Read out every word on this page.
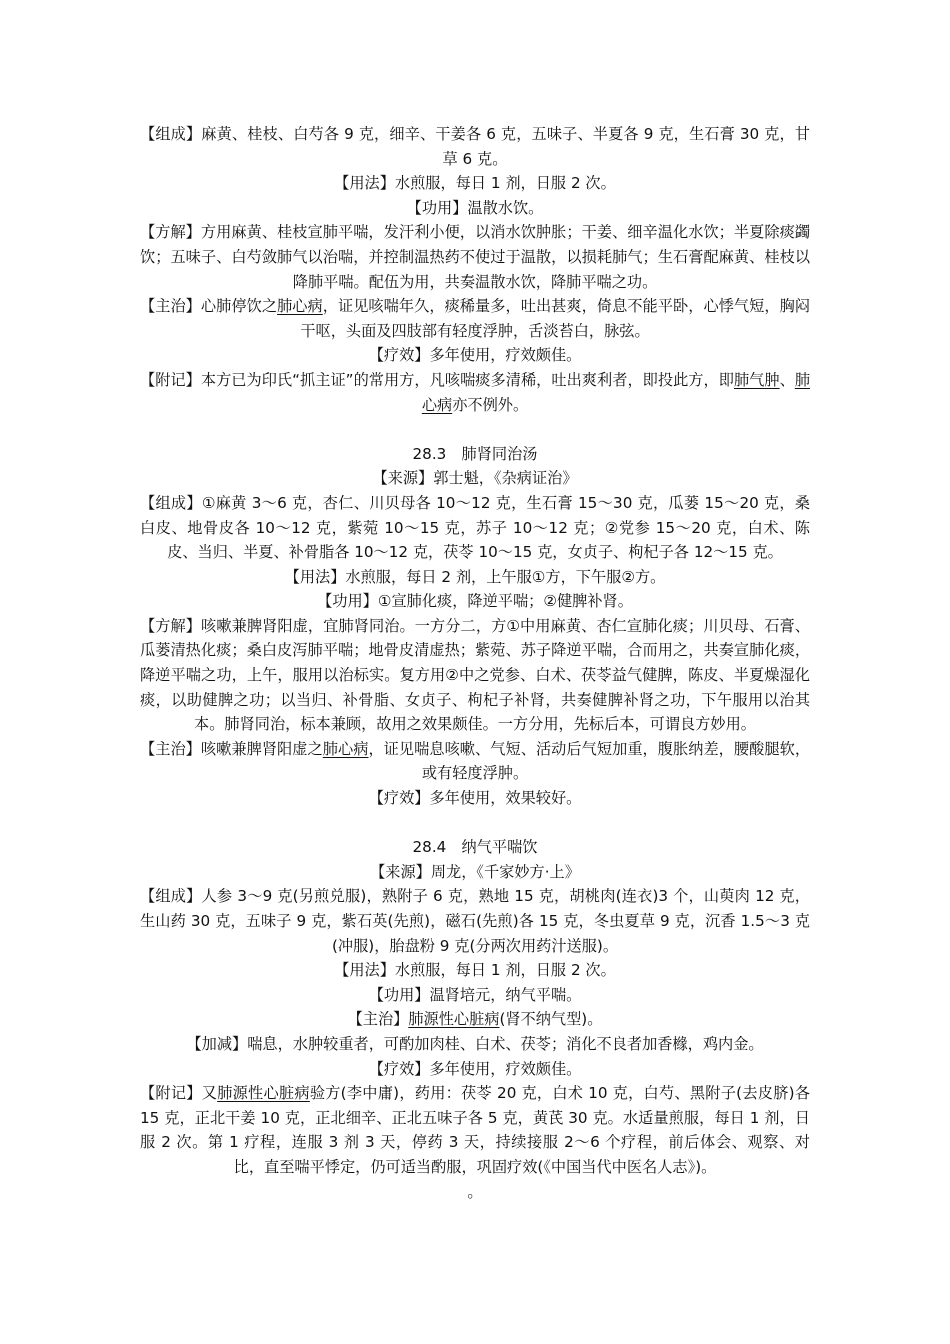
【组成】麻黄、桂枝、白芍各 9 克，细辛、干姜各 6 克，五味子、半夏各 9 克，生石膏 30 克，甘草 6 克。

【用法】水煎服，每日 1 剂，日服 2 次。

【功用】温散水饮。

【方解】方用麻黄、桂枝宣肺平喘，发汗利小便，以消水饮肿胀；干姜、细辛温化水饮；半夏除痰蠲饮；五味子、白芍敛肺气以治喘，并控制温热药不使过于温散，以损耗肺气；生石膏配麻黄、桂枝以降肺平喘。配伍为用，共奏温散水饮，降肺平喘之功。

【主治】心肺停饮之肺心病，证见咳喘年久，痰稀量多，吐出甚爽，倚息不能平卧，心悸气短，胸闷干呕，头面及四肢部有轻度浮肿，舌淡苔白，脉弦。

【疗效】多年使用，疗效颇佳。

【附记】本方已为印氏“抓主证”的常用方，凡咳喘痰多清稀，吐出爽利者，即投此方，即肺气肿、肺心病亦不例外。

28.3　肺肾同治汤

【来源】郭士魁，《杂病证治》

【组成】①麻黄 3～6 克，杏仁、川贝母各 10～12 克，生石膏 15～30 克，瓜蒌 15～20 克，桑白皮、地骨皮各 10～12 克，紫菀 10～15 克，苏子 10～12 克；②党参 15～20 克，白术、陈皮、当归、半夏、补骨脂各 10～12 克，茯苓 10～15 克，女贞子、枸杞子各 12～15 克。

【用法】水煎服，每日 2 剂，上午服①方，下午服②方。

【功用】①宣肺化痰，降逆平喘；②健脾补肾。

【方解】咳嗽兼脾肾阳虚，宜肺肾同治。一方分二，方①中用麻黄、杏仁宣肺化痰；川贝母、石膏、瓜蒌清热化痰；桑白皮泻肺平喘；地骨皮清虚热；紫菀、苏子降逆平喘，合而用之，共奏宣肺化痰，降逆平喘之功，上午，服用以治标实。复方用②中之党参、白术、茯苓益气健脾，陈皮、半夏燥湿化痰，以助健脾之功；以当归、补骨脂、女贞子、枸杞子补肾，共奏健脾补肾之功，下午服用以治其本。肺肾同治，标本兼顾，故用之效果颇佳。一方分用，先标后本，可谓良方妙用。

【主治】咳嗽兼脾肾阳虚之肺心病，证见喘息咳嗽、气短、活动后气短加重，腹胀纳差，腰酸腿软，或有轻度浮肿。

【疗效】多年使用，效果较好。

28.4　纳气平喘饮

【来源】周龙，《千家妙方·上》

【组成】人参 3～9 克(另煎兑服)，熟附子 6 克，熟地 15 克，胡桃肉(连衣)3 个，山萸肉 12 克，生山药 30 克，五味子 9 克，紫石英(先煎)，磁石(先煎)各 15 克，冬虫夏草 9 克，沉香 1.5～3 克(冲服)，胎盘粉 9 克(分两次用药汁送服)。

【用法】水煎服，每日 1 剂，日服 2 次。

【功用】温肾培元，纳气平喘。

【主治】肺源性心脏病(肾不纳气型)。

【加减】喘息，水肿较重者，可酌加肉桂、白术、茯苓；消化不良者加香橼，鸡内金。

【疗效】多年使用，疗效颇佳。

【附记】又肺源性心脏病验方(李中庸)，药用：茯苓 20 克，白术 10 克，白芍、黑附子(去皮脐)各 15 克，正北干姜 10 克，正北细辛、正北五味子各 5 克，黄芪 30 克。水适量煎服，每日 1 剂，日服 2 次。第 1 疗程，连服 3 剂 3 天，停药 3 天，持续接服 2～6 个疗程，前后体会、观察、对比，直至喘平悸定，仍可适当酌服，巩固疗效(《中国当代中医名人志》)。

。
